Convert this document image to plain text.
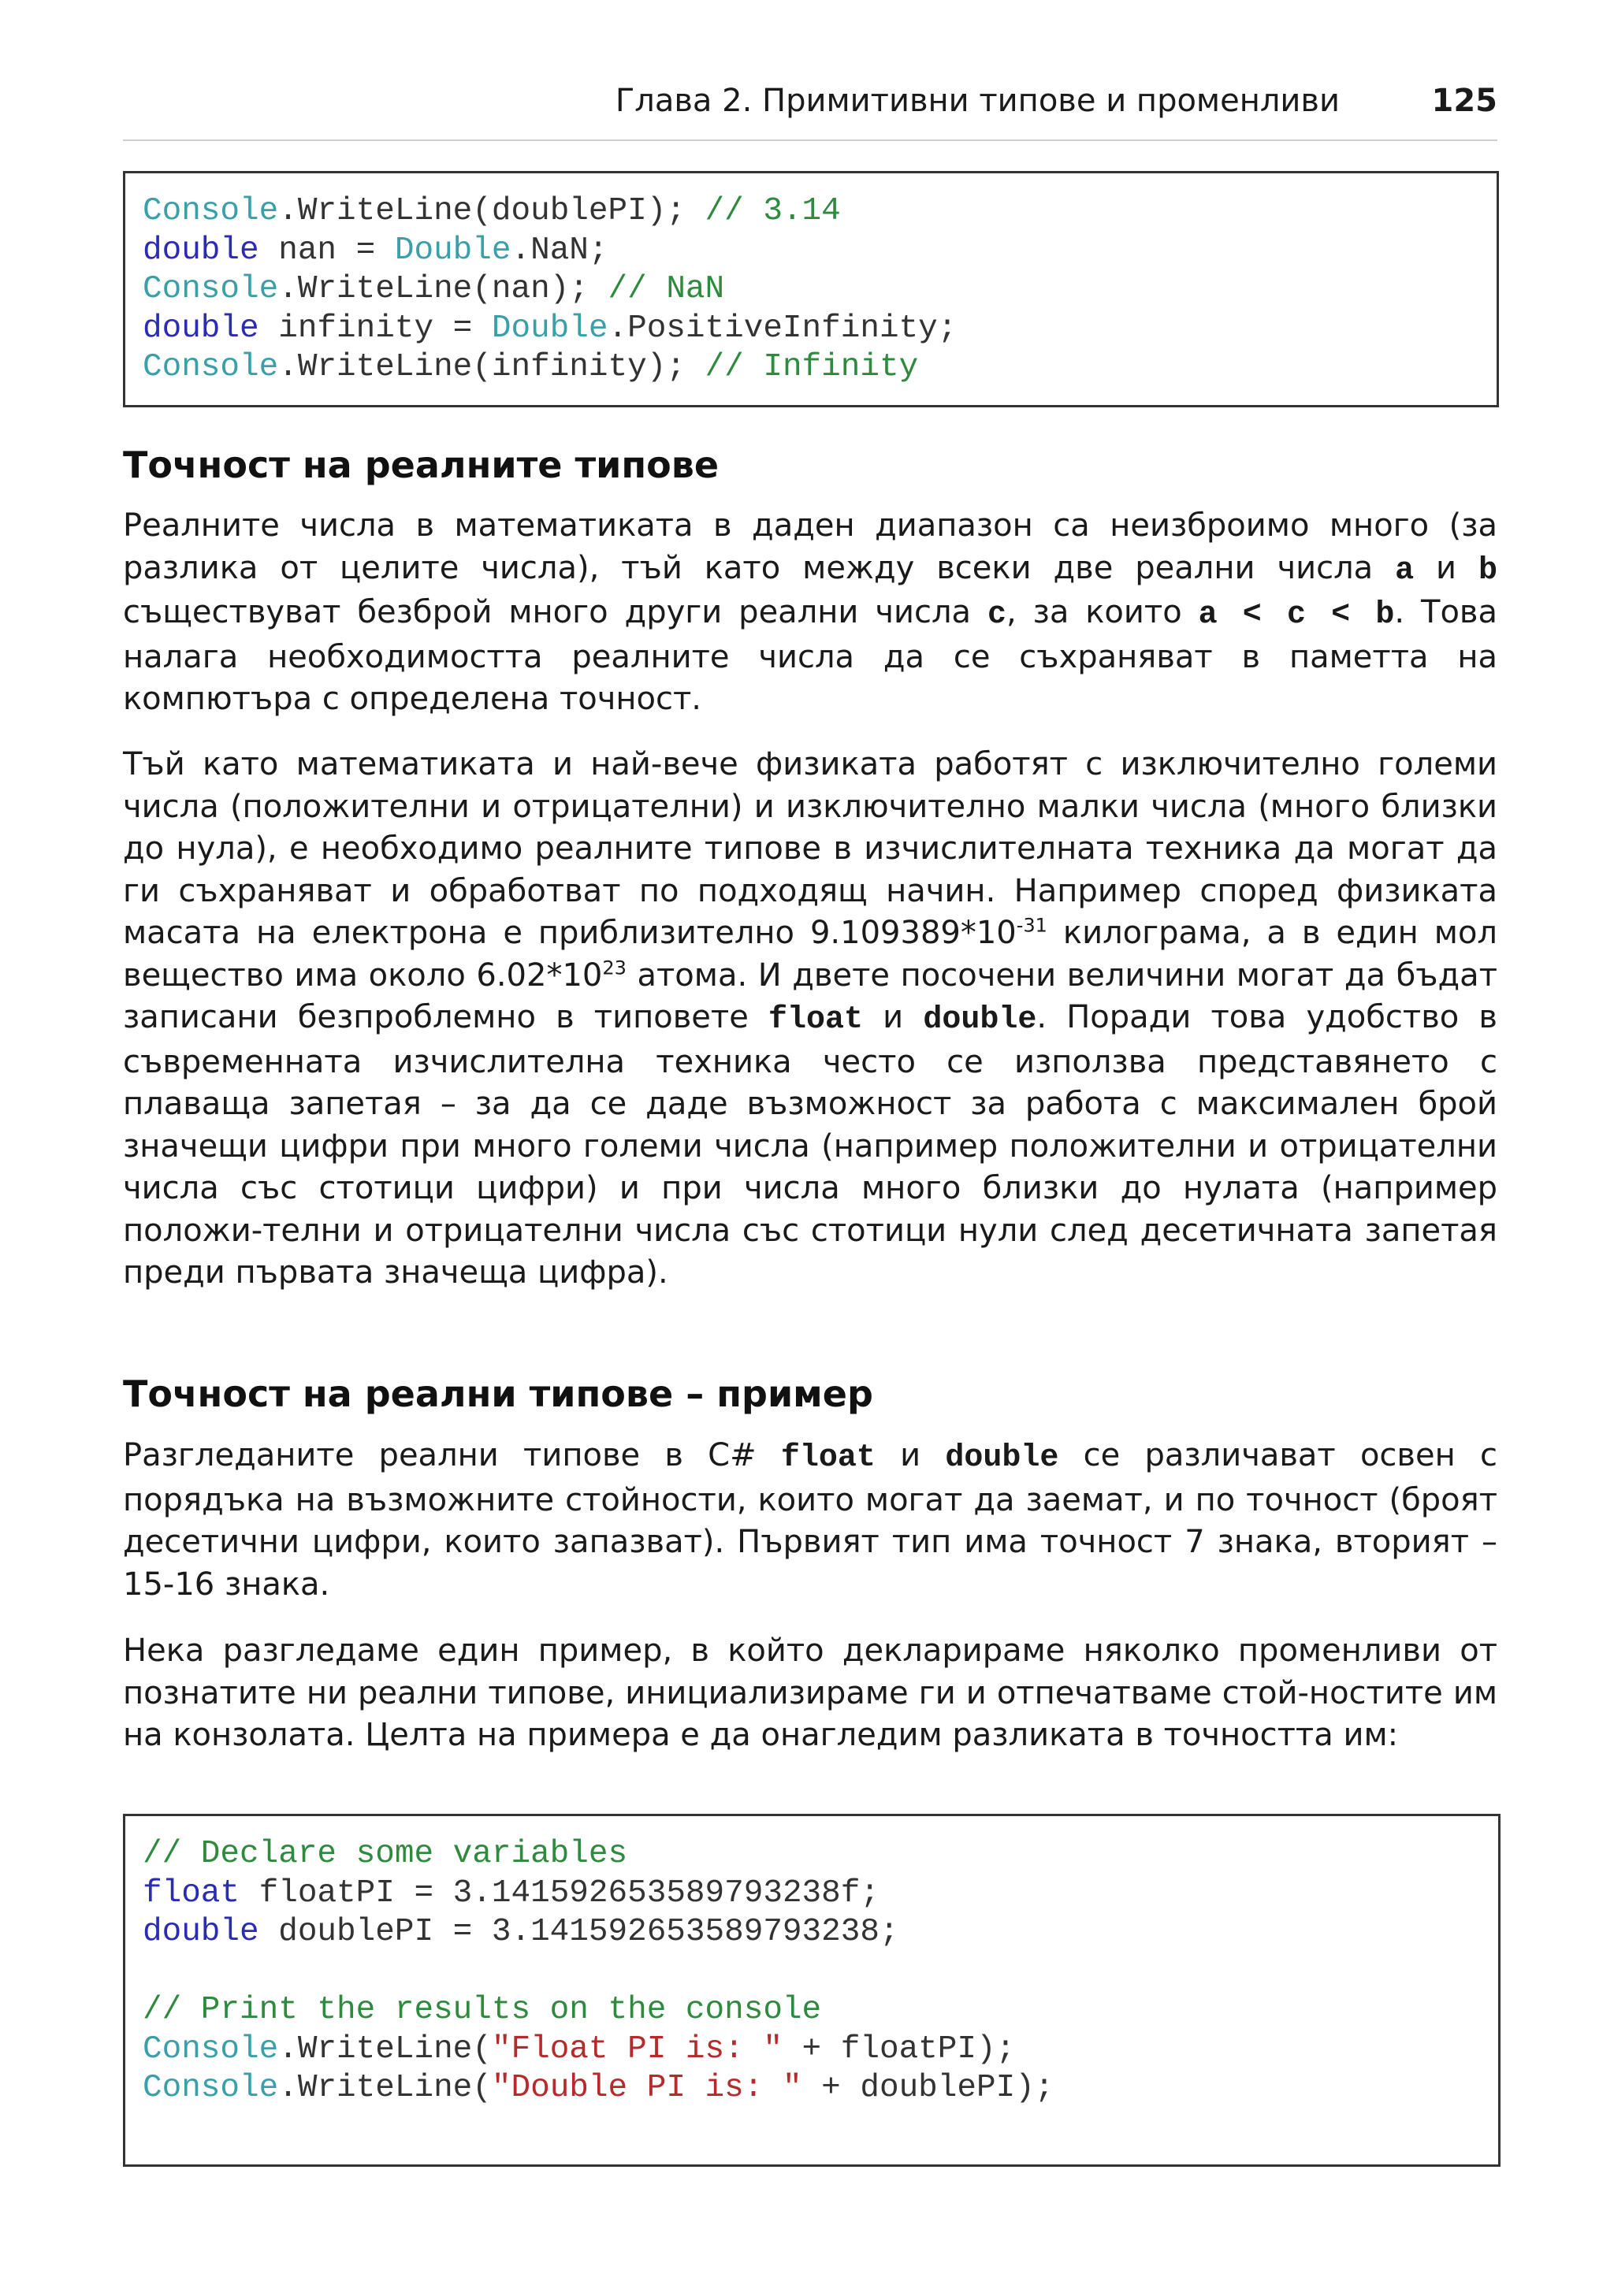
Глава 2. Примитивни типове и променливи	125
Console.WriteLine(doublePI); // 3.14
double nan = Double.NaN;
Console.WriteLine(nan); // NaN
double infinity = Double.PositiveInfinity;
Console.WriteLine(infinity); // Infinity
Точност на реалните типове

Реалните числа в математиката в даден диапазон са неизброимо много (за разлика от целите числа), тъй като между всеки две реални числа a и b съществуват безброй много други реални числа c, за които a < c < b. Това налага необходимостта реалните числа да се съхраняват в паметта на компютъра с определена точност.

Тъй като математиката и най-вече физиката работят с изключително големи числа (положителни и отрицателни) и изключително малки числа (много близки до нула), е необходимо реалните типове в изчислителната техника да могат да ги съхраняват и обработват по подходящ начин. Например според физиката масата на електрона е приблизително $9.109389*10^{-31}$ килограма, а в един мол вещество има около $6.02*10^{23}$ атома. И двете посочени величини могат да бъдат записани безпроблемно в типовете float и double. Поради това удобство в съвременната изчислителна техника често се използва представянето с плаваща запетая – за да се даде възможност за работа с максимален брой значещи цифри при много големи числа (например положителни и отрицателни числа със стотици цифри) и при числа много близки до нулата (например положи-телни и отрицателни числа със стотици нули след десетичната запетая преди първата значеща цифра).

Точност на реални типове – пример

Разгледаните реални типове в C# float и double се различават освен с порядъка на възможните стойности, които могат да заемат, и по точност (броят десетични цифри, които запазват). Първият тип има точност 7 знака, вторият – 15-16 знака.

Нека разгледаме един пример, в който декларираме няколко променливи от познатите ни реални типове, инициализираме ги и отпечатваме стой-ностите им на конзолата. Целта на примера е да онагледим разликата в точността им:

// Declare some variables
float floatPI = 3.141592653589793238f;
double doublePI = 3.141592653589793238;
// Print the results on the console
Console.WriteLine("Float PI is: " + floatPI);
Console.WriteLine("Double PI is: " + doublePI);
